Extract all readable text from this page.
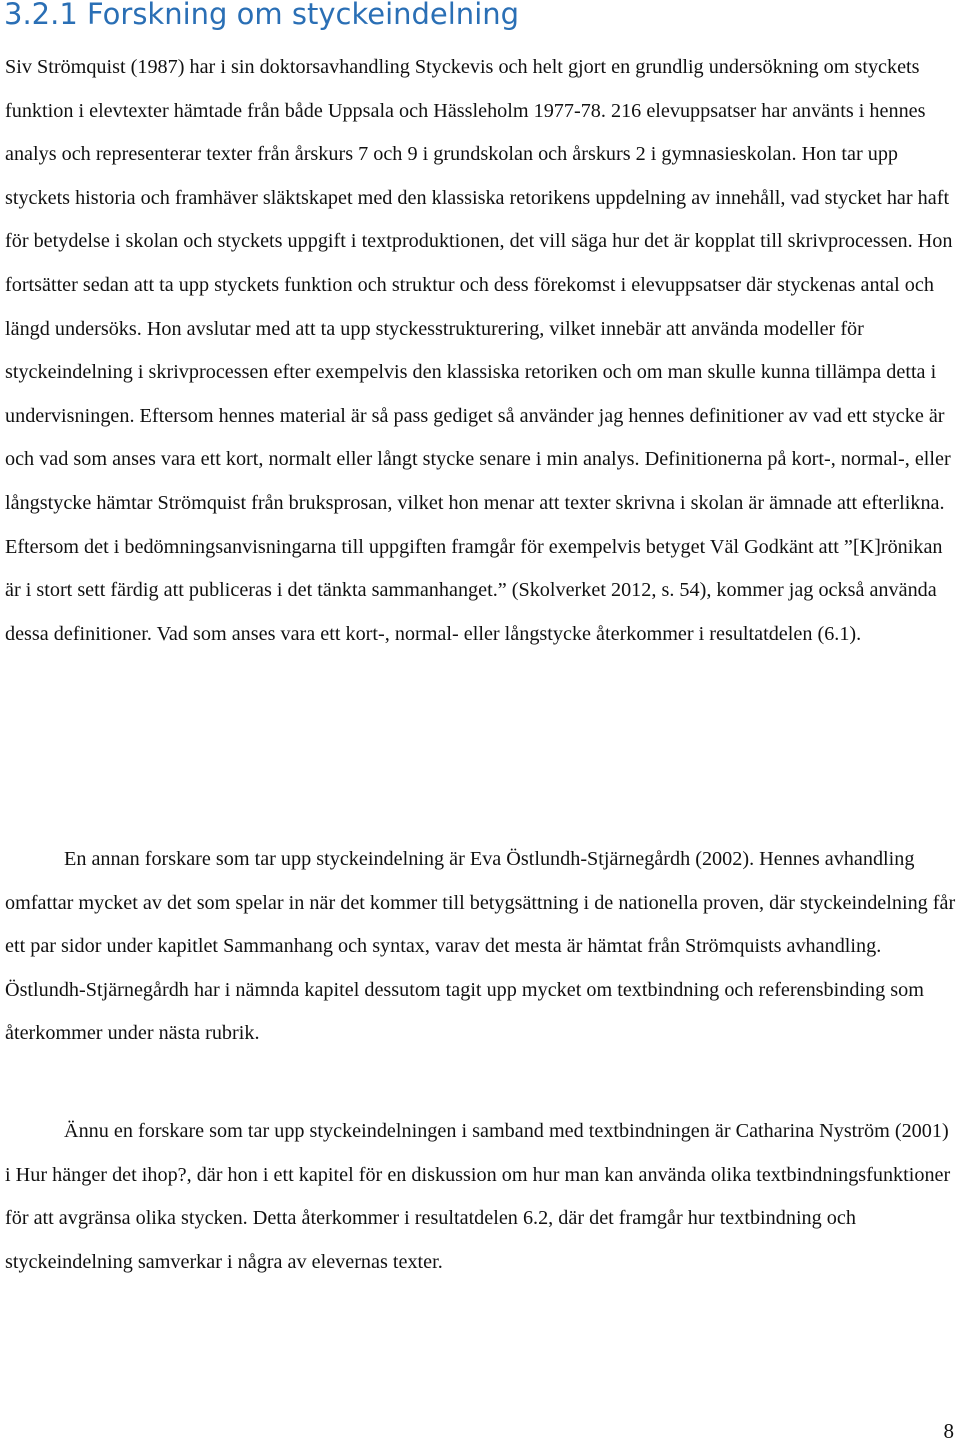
3.2.1 Forskning om styckeindelning

Siv Strömquist (1987) har i sin doktorsavhandling Styckevis och helt gjort en grundlig undersökning om styckets funktion i elevtexter hämtade från både Uppsala och Hässleholm 1977-78. 216 elevuppsatser har använts i hennes analys och representerar texter från årskurs 7 och 9 i grundskolan och årskurs 2 i gymnasieskolan. Hon tar upp styckets historia och framhäver släktskapet med den klassiska retorikens uppdelning av innehåll, vad stycket har haft för betydelse i skolan och styckets uppgift i textproduktionen, det vill säga hur det är kopplat till skrivprocessen. Hon fortsätter sedan att ta upp styckets funktion och struktur och dess förekomst i elevuppsatser där styckenas antal och längd undersöks. Hon avslutar med att ta upp styckesstrukturering, vilket innebär att använda modeller för styckeindelning i skrivprocessen efter exempelvis den klassiska retoriken och om man skulle kunna tillämpa detta i undervisningen. Eftersom hennes material är så pass gediget så använder jag hennes definitioner av vad ett stycke är och vad som anses vara ett kort, normalt eller långt stycke senare i min analys. Definitionerna på kort-, normal-, eller långstycke hämtar Strömquist från bruksprosan, vilket hon menar att texter skrivna i skolan är ämnade att efterlikna. Eftersom det i bedömningsanvisningarna till uppgiften framgår för exempelvis betyget Väl Godkänt att ”[K]rönikan är i stort sett färdig att publiceras i det tänkta sammanhanget.” (Skolverket 2012, s. 54), kommer jag också använda dessa definitioner. Vad som anses vara ett kort-, normal- eller långstycke återkommer i resultatdelen (6.1).

En annan forskare som tar upp styckeindelning är Eva Östlundh-Stjärnegårdh (2002). Hennes avhandling omfattar mycket av det som spelar in när det kommer till betygsättning i de nationella proven, där styckeindelning får ett par sidor under kapitlet Sammanhang och syntax, varav det mesta är hämtat från Strömquists avhandling. Östlundh-Stjärnegårdh har i nämnda kapitel dessutom tagit upp mycket om textbindning och referensbinding som återkommer under nästa rubrik.

Ännu en forskare som tar upp styckeindelningen i samband med textbindningen är Catharina Nyström (2001) i Hur hänger det ihop?, där hon i ett kapitel för en diskussion om hur man kan använda olika textbindningsfunktioner för att avgränsa olika stycken. Detta återkommer i resultatdelen 6.2, där det framgår hur textbindning och styckeindelning samverkar i några av elevernas texter.

8
